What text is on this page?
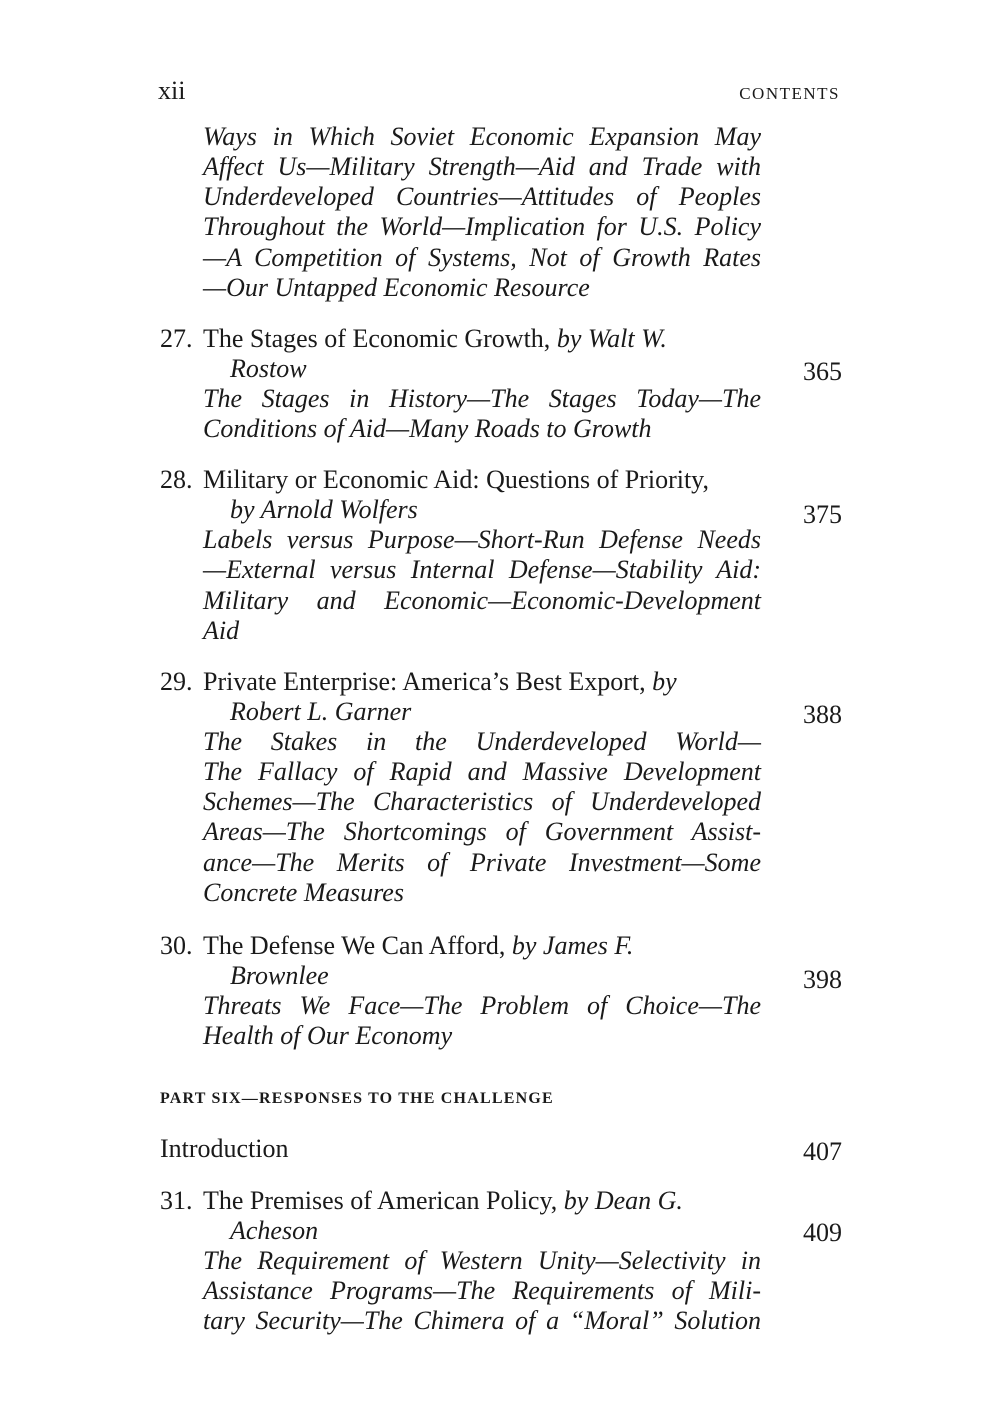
xii	CONTENTS
Ways in Which Soviet Economic Expansion May
Affect Us—Military Strength—Aid and Trade with
Underdeveloped Countries—Attitudes of Peoples
Throughout the World—Implication for U.S. Policy
—A Competition of Systems, Not of Growth Rates
—Our Untapped Economic Resource
27. The Stages of Economic Growth, by Walt W.
Rostow	365
The Stages in History—The Stages Today—The
Conditions of Aid—Many Roads to Growth
28. Military or Economic Aid: Questions of Priority,
by Arnold Wolfers	375
Labels versus Purpose—Short-Run Defense Needs
—External versus Internal Defense—Stability Aid:
Military and Economic—Economic-Development
Aid
29. Private Enterprise: America’s Best Export, by
Robert L. Garner	388
The Stakes in the Underdeveloped World—
The Fallacy of Rapid and Massive Development
Schemes—The Characteristics of Underdeveloped
Areas—The Shortcomings of Government Assist-
ance—The Merits of Private Investment—Some
Concrete Measures
30. The Defense We Can Afford, by James F.
Brownlee	398
Threats We Face—The Problem of Choice—The
Health of Our Economy
PART SIX—RESPONSES TO THE CHALLENGE
Introduction	407
31. The Premises of American Policy, by Dean G.
Acheson	409
The Requirement of Western Unity—Selectivity in
Assistance Programs—The Requirements of Mili-
tary Security—The Chimera of a “Moral” Solution
